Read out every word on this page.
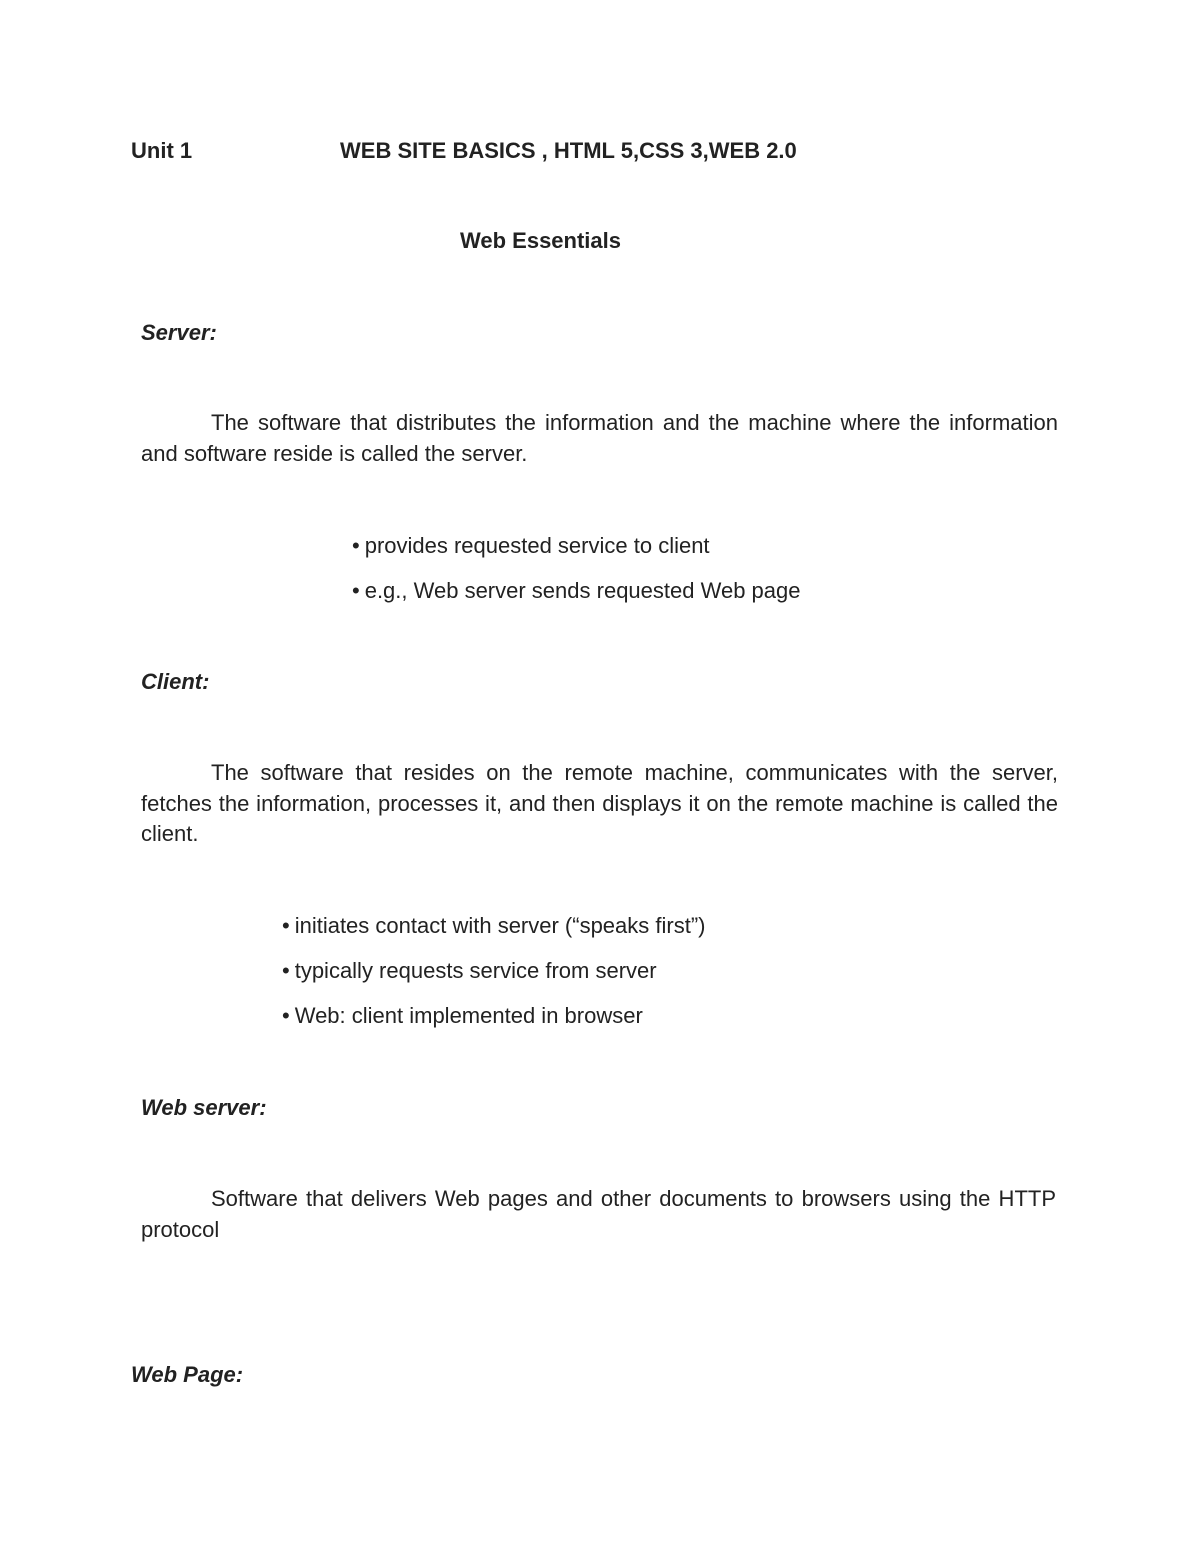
Unit 1	WEB SITE BASICS , HTML 5,CSS 3,WEB 2.0

Web Essentials

Server:

The software that distributes the information and the machine where the information and software reside is called the server.

• provides requested service to client
• e.g., Web server sends requested Web page

Client:

The software that resides on the remote machine, communicates with the server, fetches the information, processes it, and then displays it on the remote machine is called the client.

• initiates contact with server (“speaks first”)
• typically requests service from server
• Web: client implemented in browser

Web server:

Software that delivers Web pages and other documents to browsers using the HTTP protocol

Web Page:
